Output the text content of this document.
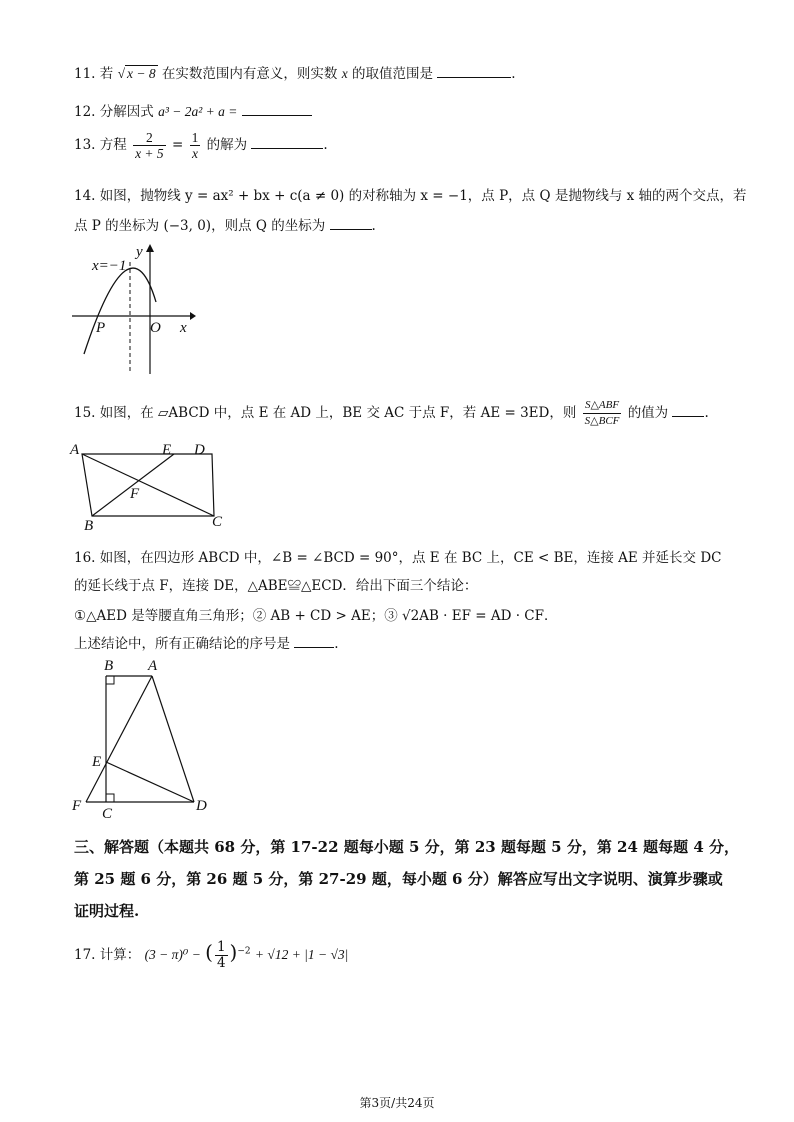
11. 若 √ x − 8 在实数范围内有意义，则实数 x 的取值范围是	.
12. 分解因式 a³ − 2a² + a =
13. 方程 $\frac{2}{x + 5} = \frac{1}{x}$ 的解为	.
14. 如图，抛物线 y = ax² + bx + c(a ≠ 0) 的对称轴为 x = −1，点 P，点 Q 是抛物线与 x 轴的两个交点，若
点 P 的坐标为 (−3, 0)，则点 Q 的坐标为	.
x=−1
y
x
O
P
15. 如图，在 ▱ABCD 中，点 E 在 AD 上，BE 交 AC 于点 F，若 AE = 3ED，则 $\frac{\text{S△ABF}}{\text{S△BCF}}$ 的值为	.
A	E D
F
B	C
16. 如图，在四边形 ABCD 中，∠B = ∠BCD = 90°，点 E 在 BC 上，CE < BE，连接 AE 并延长交 DC
的延长线于点 F，连接 DE，△ABE≌△ECD．给出下面三个结论：
①△AED 是等腰直角三角形；② AB + CD > AE；③ √2AB · EF = AD · CF．
上述结论中，所有正确结论的序号是	.
B A
E
F C	D
三、解答题（本题共 68 分，第 17-22 题每小题 5 分，第 23 题每题 5 分，第 24 题每题 4 分，
第 25 题 6 分，第 26 题 5 分，第 27-29 题，每小题 6 分）解答应写出文字说明、演算步骤或
证明过程.
17. 计算： (3 − π)⁰ − ( $\frac{1}{4} )^{-2} + √12 + |1 - √3|$
第3页/共24页
